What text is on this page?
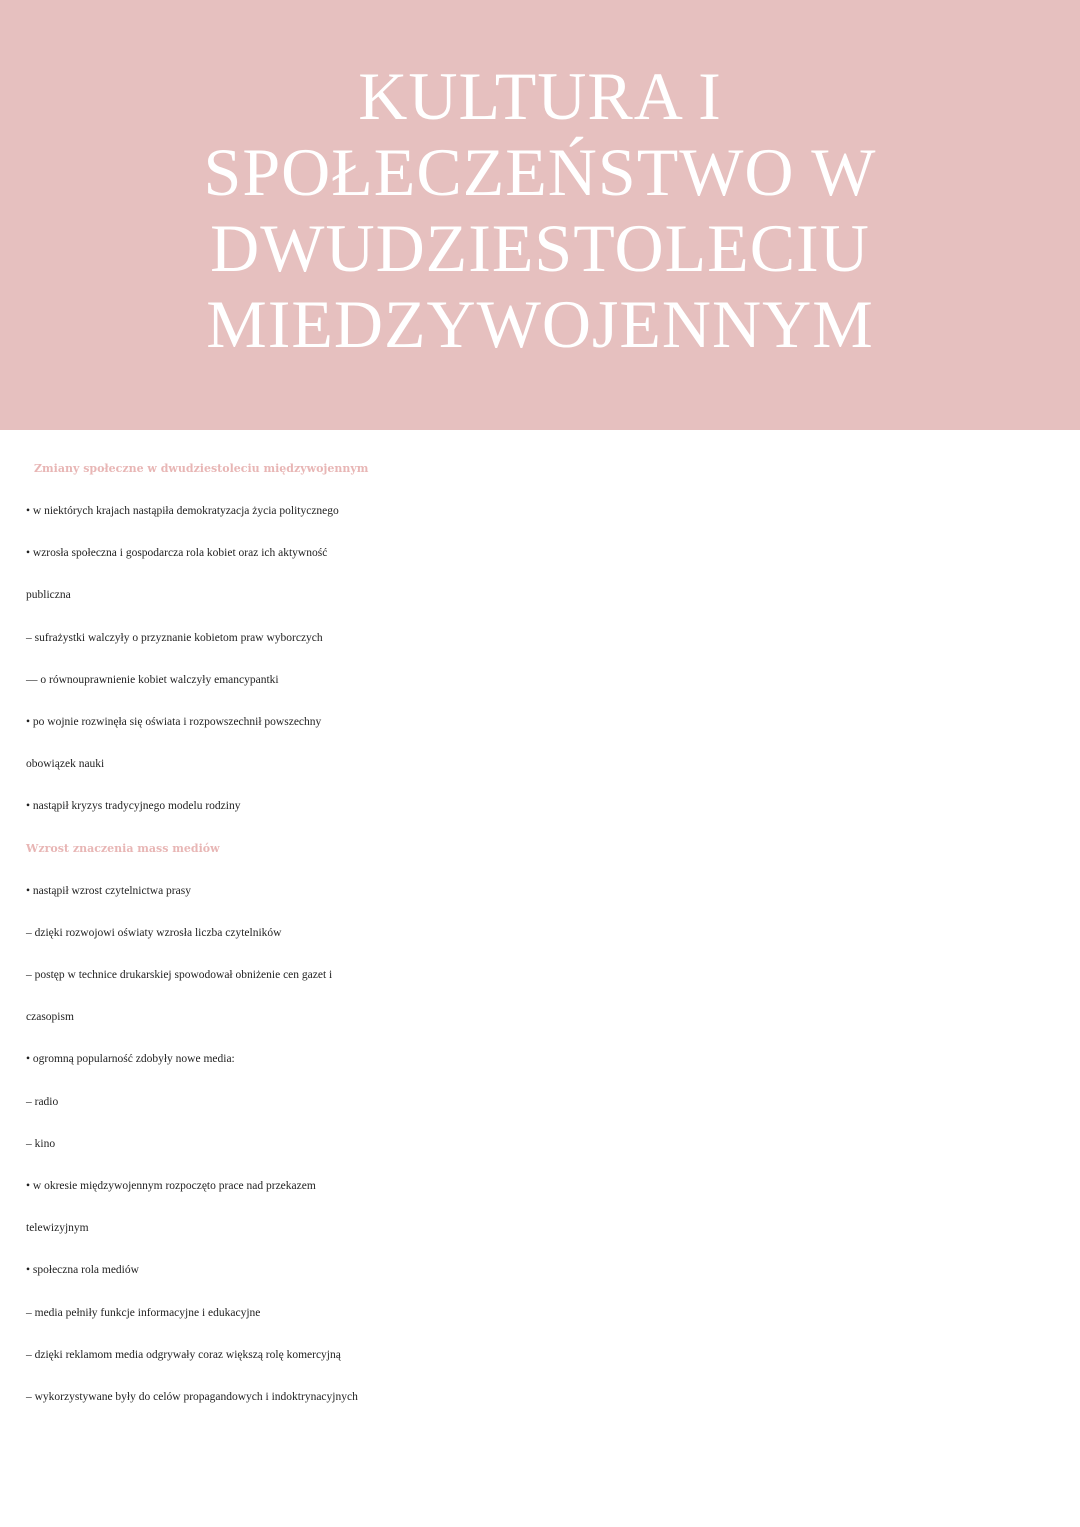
KULTURA I
SPOŁECZEŃSTWO W
DWUDZIESTOLECIU
MIEDZYWOJENNYM
Zmiany społeczne w dwudziestoleciu międzywojennym
• w niektórych krajach nastąpiła demokratyzacja życia politycznego
• wzrosła społeczna i gospodarcza rola kobiet oraz ich aktywność
publiczna
– sufrażystki walczyły o przyznanie kobietom praw wyborczych
— o równouprawnienie kobiet walczyły emancypantki
• po wojnie rozwinęła się oświata i rozpowszechnił powszechny
obowiązek nauki
• nastąpił kryzys tradycyjnego modelu rodziny
Wzrost znaczenia mass mediów
• nastąpił wzrost czytelnictwa prasy
– dzięki rozwojowi oświaty wzrosła liczba czytelników
– postęp w technice drukarskiej spowodował obniżenie cen gazet i
czasopism
• ogromną popularność zdobyły nowe media:
– radio
– kino
• w okresie międzywojennym rozpoczęto prace nad przekazem
telewizyjnym
• społeczna rola mediów
– media pełniły funkcje informacyjne i edukacyjne
– dzięki reklamom media odgrywały coraz większą rolę komercyjną
– wykorzystywane były do celów propagandowych i indoktrynacyjnych
